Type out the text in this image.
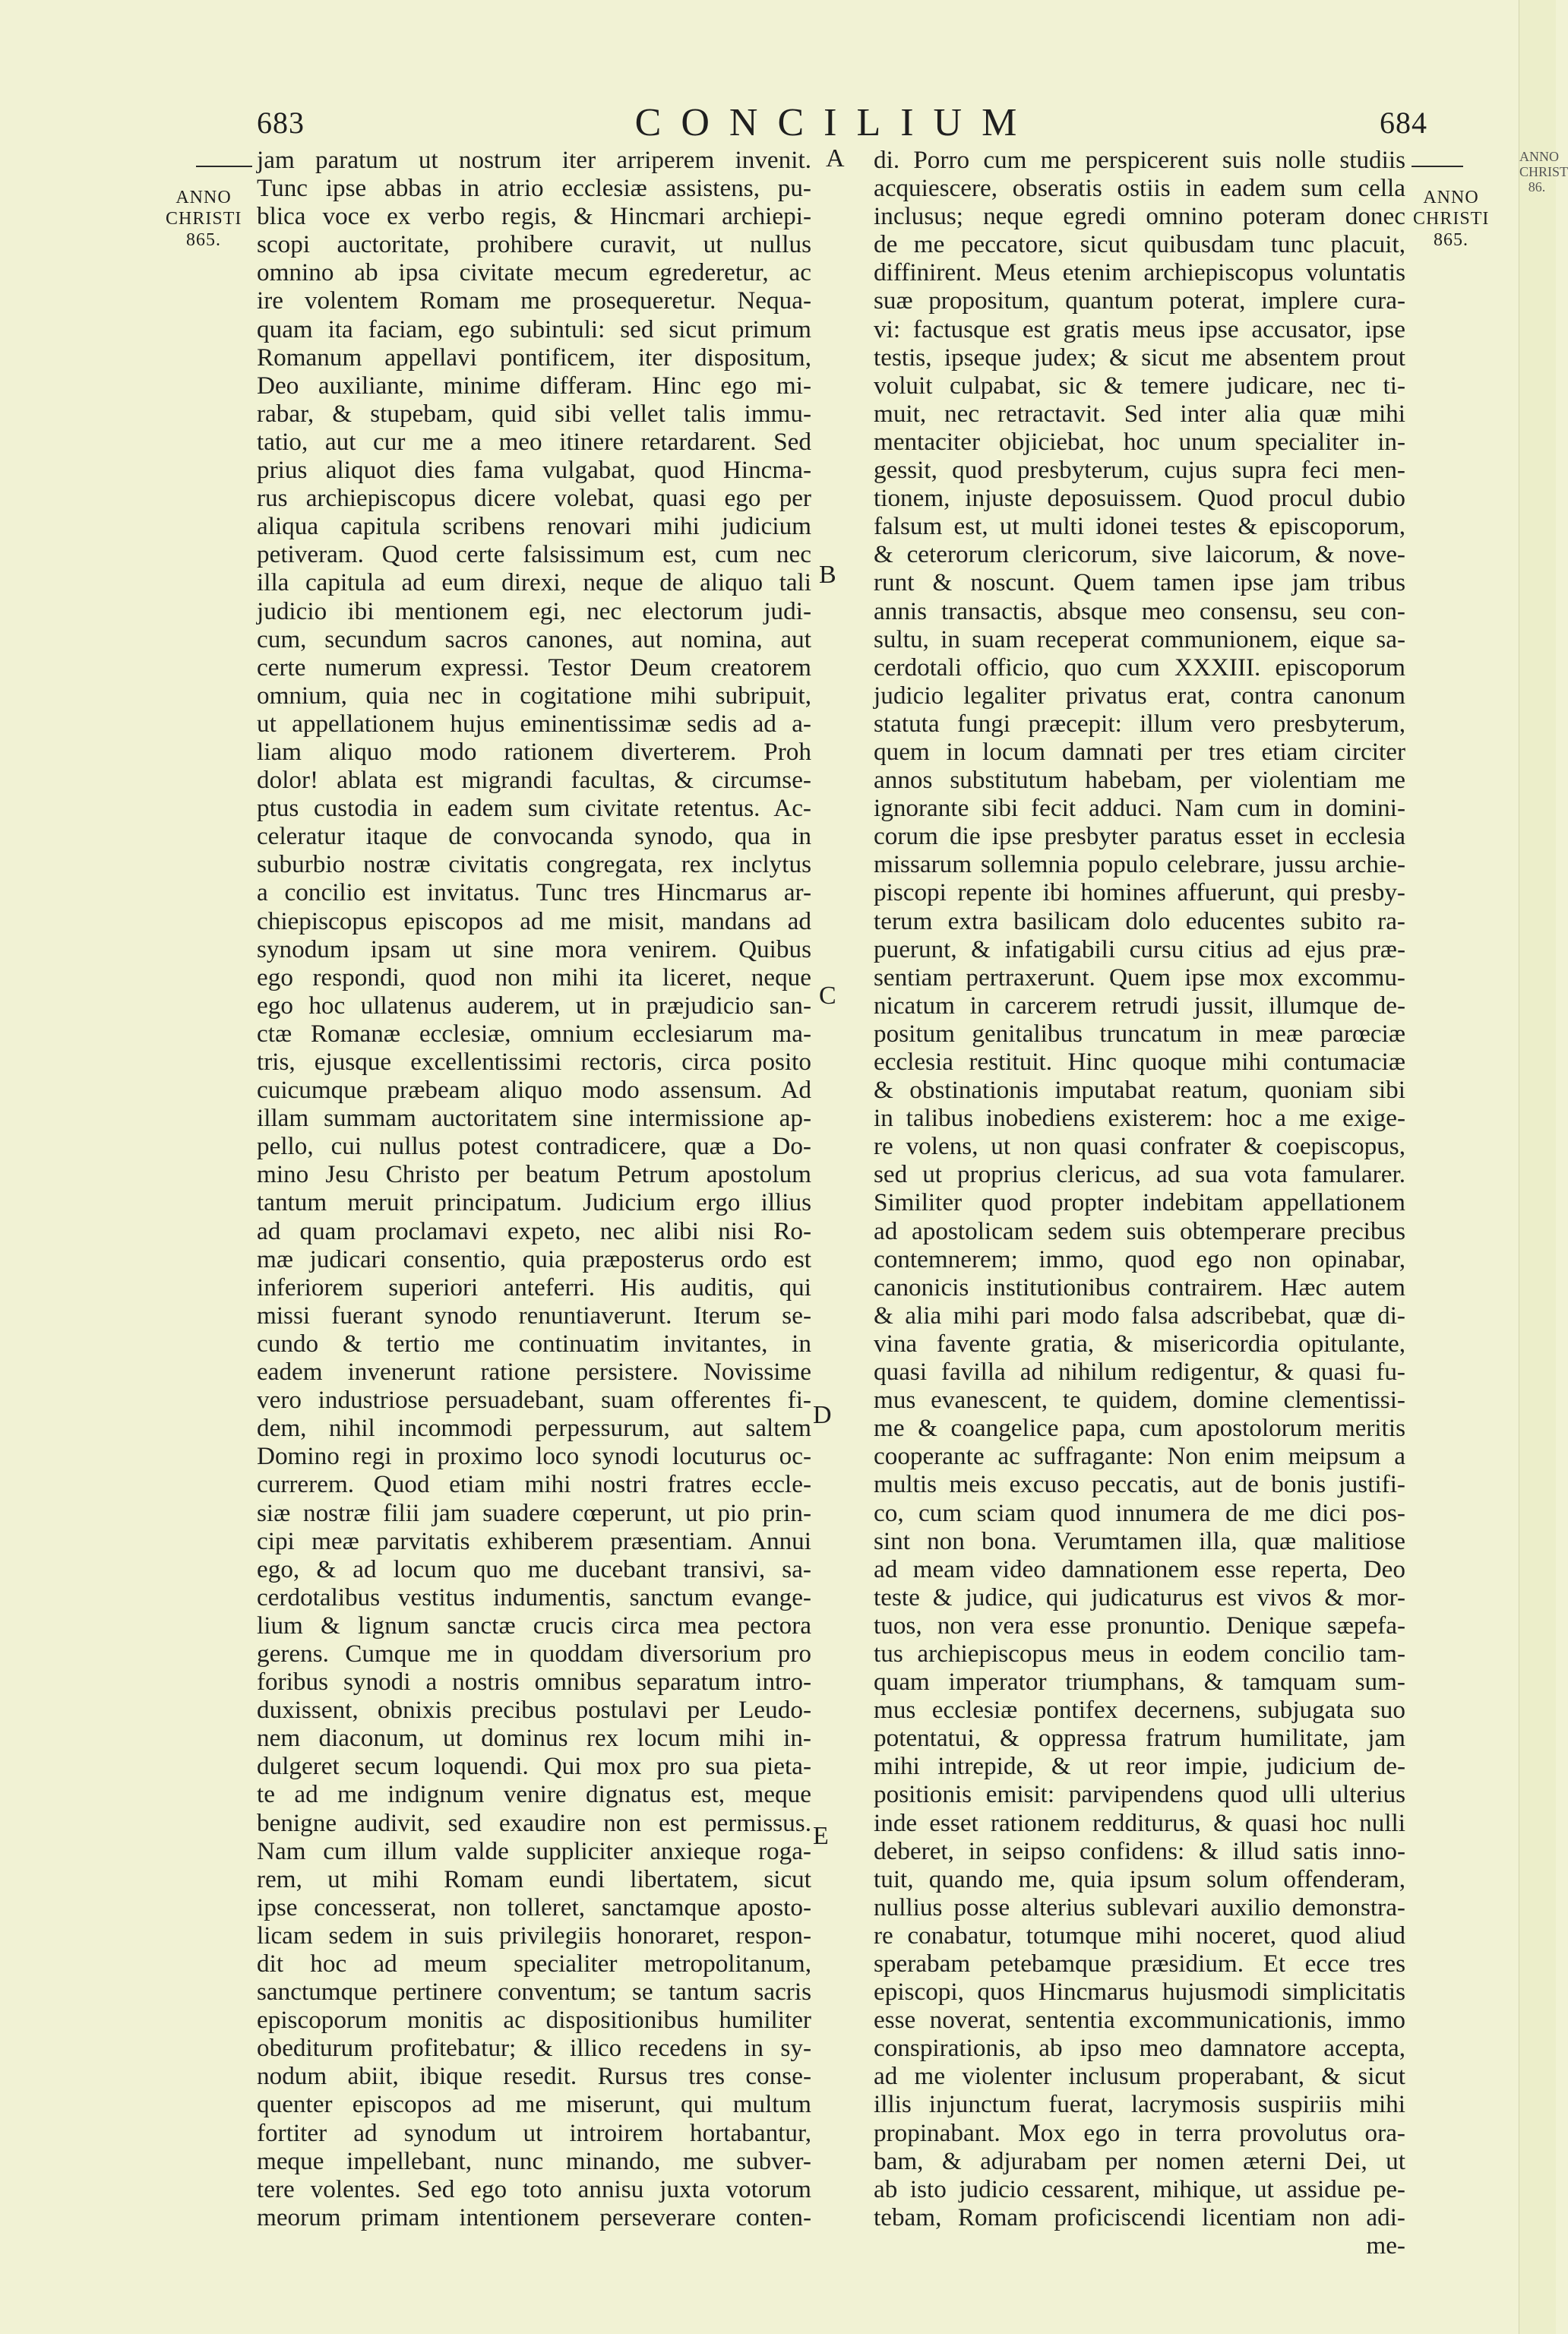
683	CONCILIUM	684
ANNO
CHRISTI
865.
ANNO
CHRISTI
865.
ANNO
CHRIST
86.
A
B
C
D
E
jam paratum ut nostrum iter arriperem invenit.
Tunc ipse abbas in atrio ecclesiæ assistens, pu-
blica voce ex verbo regis, & Hincmari archiepi-
scopi auctoritate, prohibere curavit, ut nullus
omnino ab ipsa civitate mecum egrederetur, ac
ire volentem Romam me prosequeretur. Nequa-
quam ita faciam, ego subintuli: sed sicut primum
Romanum appellavi pontificem, iter dispositum,
Deo auxiliante, minime differam. Hinc ego mi-
rabar, & stupebam, quid sibi vellet talis immu-
tatio, aut cur me a meo itinere retardarent. Sed
prius aliquot dies fama vulgabat, quod Hincma-
rus archiepiscopus dicere volebat, quasi ego per
aliqua capitula scribens renovari mihi judicium
petiveram. Quod certe falsissimum est, cum nec
illa capitula ad eum direxi, neque de aliquo tali
judicio ibi mentionem egi, nec electorum judi-
cum, secundum sacros canones, aut nomina, aut
certe numerum expressi. Testor Deum creatorem
omnium, quia nec in cogitatione mihi subripuit,
ut appellationem hujus eminentissimæ sedis ad a-
liam aliquo modo rationem diverterem. Proh
dolor! ablata est migrandi facultas, & circumse-
ptus custodia in eadem sum civitate retentus. Ac-
celeratur itaque de convocanda synodo, qua in
suburbio nostræ civitatis congregata, rex inclytus
a concilio est invitatus. Tunc tres Hincmarus ar-
chiepiscopus episcopos ad me misit, mandans ad
synodum ipsam ut sine mora venirem. Quibus
ego respondi, quod non mihi ita liceret, neque
ego hoc ullatenus auderem, ut in præjudicio san-
ctæ Romanæ ecclesiæ, omnium ecclesiarum ma-
tris, ejusque excellentissimi rectoris, circa posito
cuicumque præbeam aliquo modo assensum. Ad
illam summam auctoritatem sine intermissione ap-
pello, cui nullus potest contradicere, quæ a Do-
mino Jesu Christo per beatum Petrum apostolum
tantum meruit principatum. Judicium ergo illius
ad quam proclamavi expeto, nec alibi nisi Ro-
mæ judicari consentio, quia præposterus ordo est
inferiorem superiori anteferri. His auditis, qui
missi fuerant synodo renuntiaverunt. Iterum se-
cundo & tertio me continuatim invitantes, in
eadem invenerunt ratione persistere. Novissime
vero industriose persuadebant, suam offerentes fi-
dem, nihil incommodi perpessurum, aut saltem
Domino regi in proximo loco synodi locuturus oc-
currerem. Quod etiam mihi nostri fratres eccle-
siæ nostræ filii jam suadere cœperunt, ut pio prin-
cipi meæ parvitatis exhiberem præsentiam. Annui
ego, & ad locum quo me ducebant transivi, sa-
cerdotalibus vestitus indumentis, sanctum evange-
lium & lignum sanctæ crucis circa mea pectora
gerens. Cumque me in quoddam diversorium pro
foribus synodi a nostris omnibus separatum intro-
duxissent, obnixis precibus postulavi per Leudo-
nem diaconum, ut dominus rex locum mihi in-
dulgeret secum loquendi. Qui mox pro sua pieta-
te ad me indignum venire dignatus est, meque
benigne audivit, sed exaudire non est permissus.
Nam cum illum valde suppliciter anxieque roga-
rem, ut mihi Romam eundi libertatem, sicut
ipse concesserat, non tolleret, sanctamque aposto-
licam sedem in suis privilegiis honoraret, respon-
dit hoc ad meum specialiter metropolitanum,
sanctumque pertinere conventum; se tantum sacris
episcoporum monitis ac dispositionibus humiliter
obediturum profitebatur; & illico recedens in sy-
nodum abiit, ibique resedit. Rursus tres conse-
quenter episcopos ad me miserunt, qui multum
fortiter ad synodum ut introirem hortabantur,
meque impellebant, nunc minando, me subver-
tere volentes. Sed ego toto annisu juxta votorum
meorum primam intentionem perseverare conten-
di. Porro cum me perspicerent suis nolle studiis
acquiescere, obseratis ostiis in eadem sum cella
inclusus; neque egredi omnino poteram donec
de me peccatore, sicut quibusdam tunc placuit,
diffinirent. Meus etenim archiepiscopus voluntatis
suæ propositum, quantum poterat, implere cura-
vi: factusque est gratis meus ipse accusator, ipse
testis, ipseque judex; & sicut me absentem prout
voluit culpabat, sic & temere judicare, nec ti-
muit, nec retractavit. Sed inter alia quæ mihi
mentaciter objiciebat, hoc unum specialiter in-
gessit, quod presbyterum, cujus supra feci men-
tionem, injuste deposuissem. Quod procul dubio
falsum est, ut multi idonei testes & episcoporum,
& ceterorum clericorum, sive laicorum, & nove-
runt & noscunt. Quem tamen ipse jam tribus
annis transactis, absque meo consensu, seu con-
sultu, in suam receperat communionem, eique sa-
cerdotali officio, quo cum XXXIII. episcoporum
judicio legaliter privatus erat, contra canonum
statuta fungi præcepit: illum vero presbyterum,
quem in locum damnati per tres etiam circiter
annos substitutum habebam, per violentiam me
ignorante sibi fecit adduci. Nam cum in domini-
corum die ipse presbyter paratus esset in ecclesia
missarum sollemnia populo celebrare, jussu archie-
piscopi repente ibi homines affuerunt, qui presby-
terum extra basilicam dolo educentes subito ra-
puerunt, & infatigabili cursu citius ad ejus præ-
sentiam pertraxerunt. Quem ipse mox excommu-
nicatum in carcerem retrudi jussit, illumque de-
positum genitalibus truncatum in meæ parœciæ
ecclesia restituit. Hinc quoque mihi contumaciæ
& obstinationis imputabat reatum, quoniam sibi
in talibus inobediens existerem: hoc a me exige-
re volens, ut non quasi confrater & coepiscopus,
sed ut proprius clericus, ad sua vota famularer.
Similiter quod propter indebitam appellationem
ad apostolicam sedem suis obtemperare precibus
contemnerem; immo, quod ego non opinabar,
canonicis institutionibus contrairem. Hæc autem
& alia mihi pari modo falsa adscribebat, quæ di-
vina favente gratia, & misericordia opitulante,
quasi favilla ad nihilum redigentur, & quasi fu-
mus evanescent, te quidem, domine clementissi-
me & coangelice papa, cum apostolorum meritis
cooperante ac suffragante: Non enim meipsum a
multis meis excuso peccatis, aut de bonis justifi-
co, cum sciam quod innumera de me dici pos-
sint non bona. Verumtamen illa, quæ malitiose
ad meam video damnationem esse reperta, Deo
teste & judice, qui judicaturus est vivos & mor-
tuos, non vera esse pronuntio. Denique sæpefa-
tus archiepiscopus meus in eodem concilio tam-
quam imperator triumphans, & tamquam sum-
mus ecclesiæ pontifex decernens, subjugata suo
potentatui, & oppressa fratrum humilitate, jam
mihi intrepide, & ut reor impie, judicium de-
positionis emisit: parvipendens quod ulli ulterius
inde esset rationem redditurus, & quasi hoc nulli
deberet, in seipso confidens: & illud satis inno-
tuit, quando me, quia ipsum solum offenderam,
nullius posse alterius sublevari auxilio demonstra-
re conabatur, totumque mihi noceret, quod aliud
sperabam petebamque præsidium. Et ecce tres
episcopi, quos Hincmarus hujusmodi simplicitatis
esse noverat, sententia excommunicationis, immo
conspirationis, ab ipso meo damnatore accepta,
ad me violenter inclusum properabant, & sicut
illis injunctum fuerat, lacrymosis suspiriis mihi
propinabant. Mox ego in terra provolutus ora-
bam, & adjurabam per nomen æterni Dei, ut
ab isto judicio cessarent, mihique, ut assidue pe-
tebam, Romam proficiscendi licentiam non adi-
me-
